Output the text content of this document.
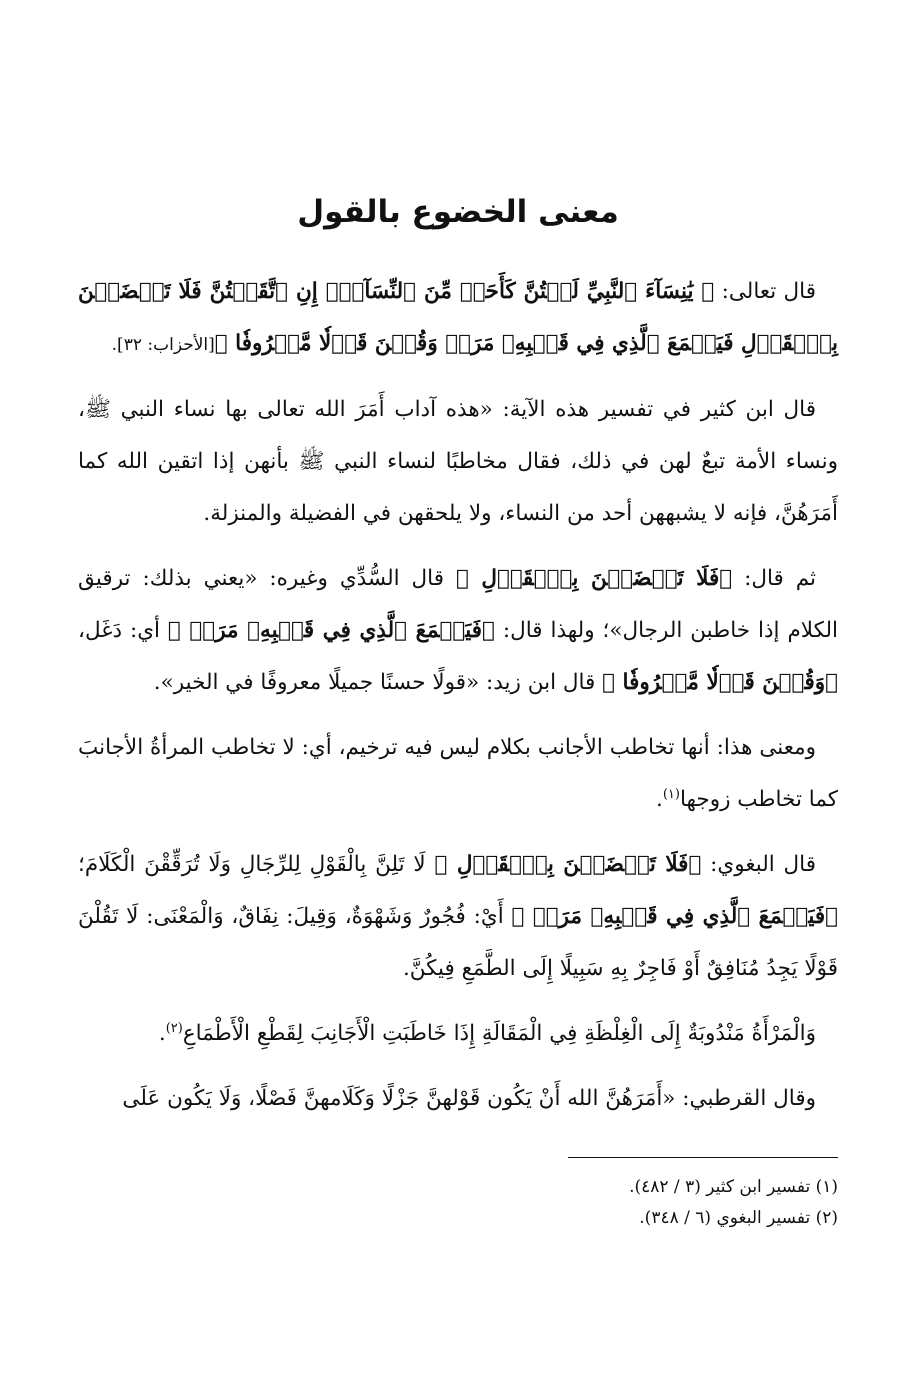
معنى الخضوع بالقول

قال تعالى: ﴿ يَٰنِسَآءَ ٱلنَّبِيِّ لَسۡتُنَّ كَأَحَدٖ مِّنَ ٱلنِّسَآءِۚ إِنِ ٱتَّقَيۡتُنَّ فَلَا تَخۡضَعۡنَ بِٱلۡقَوۡلِ فَيَطۡمَعَ ٱلَّذِي فِي قَلۡبِهِۦ مَرَضٞ وَقُلۡنَ قَوۡلٗا مَّعۡرُوفٗا ﴾[الأحزاب: ٣٢].

قال ابن كثير في تفسير هذه الآية: «هذه آداب أَمَرَ الله تعالى بها نساء النبي ﷺ، ونساء الأمة تبعٌ لهن في ذلك، فقال مخاطبًا لنساء النبي ﷺ بأنهن إذا اتقين الله كما أَمَرَهُنَّ، فإنه لا يشبههن أحد من النساء، ولا يلحقهن في الفضيلة والمنزلة.

ثم قال: ﴿فَلَا تَخۡضَعۡنَ بِٱلۡقَوۡلِ ﴾ قال السُّدِّي وغيره: «يعني بذلك: ترقيق الكلام إذا خاطبن الرجال»؛ ولهذا قال: ﴿فَيَطۡمَعَ ٱلَّذِي فِي قَلۡبِهِۦ مَرَضٞ ﴾ أي: دَغَل، ﴿وَقُلۡنَ قَوۡلٗا مَّعۡرُوفٗا ﴾ قال ابن زيد: «قولًا حسنًا جميلًا معروفًا في الخير».

ومعنى هذا: أنها تخاطب الأجانب بكلام ليس فيه ترخيم، أي: لا تخاطب المرأةُ الأجانبَ كما تخاطب زوجها$^{(١)}$.

قال البغوي: ﴿فَلَا تَخۡضَعۡنَ بِٱلۡقَوۡلِ ﴾ لَا تَلِنَّ بِالْقَوْلِ لِلرِّجَالِ وَلَا تُرَقِّقْنَ الْكَلَامَ؛ ﴿فَيَطۡمَعَ ٱلَّذِي فِي قَلۡبِهِۦ مَرَضٞ ﴾ أَيْ: فُجُورٌ وَشَهْوَةٌ، وَقِيلَ: نِفَاقٌ، وَالْمَعْنَى: لَا تَقُلْنَ قَوْلًا يَجِدُ مُنَافِقٌ أَوْ فَاجِرٌ بِهِ سَبِيلًا إِلَى الطَّمَعِ فِيكُنَّ.

وَالْمَرْأَةُ مَنْدُوبَةٌ إِلَى الْغِلْظَةِ فِي الْمَقَالَةِ إِذَا خَاطَبَتِ الْأَجَانِبَ لِقَطْعِ الْأَطْمَاعِ$^{(٢)}$.

وقال القرطبي: «أَمَرَهُنَّ الله أَنْ يَكُون قَوْلهنَّ جَزْلًا وَكَلَامهنَّ فَصْلًا، وَلَا يَكُون عَلَى

(١) تفسير ابن كثير (٣ / ٤٨٢).
(٢) تفسير البغوي (٦ / ٣٤٨).
